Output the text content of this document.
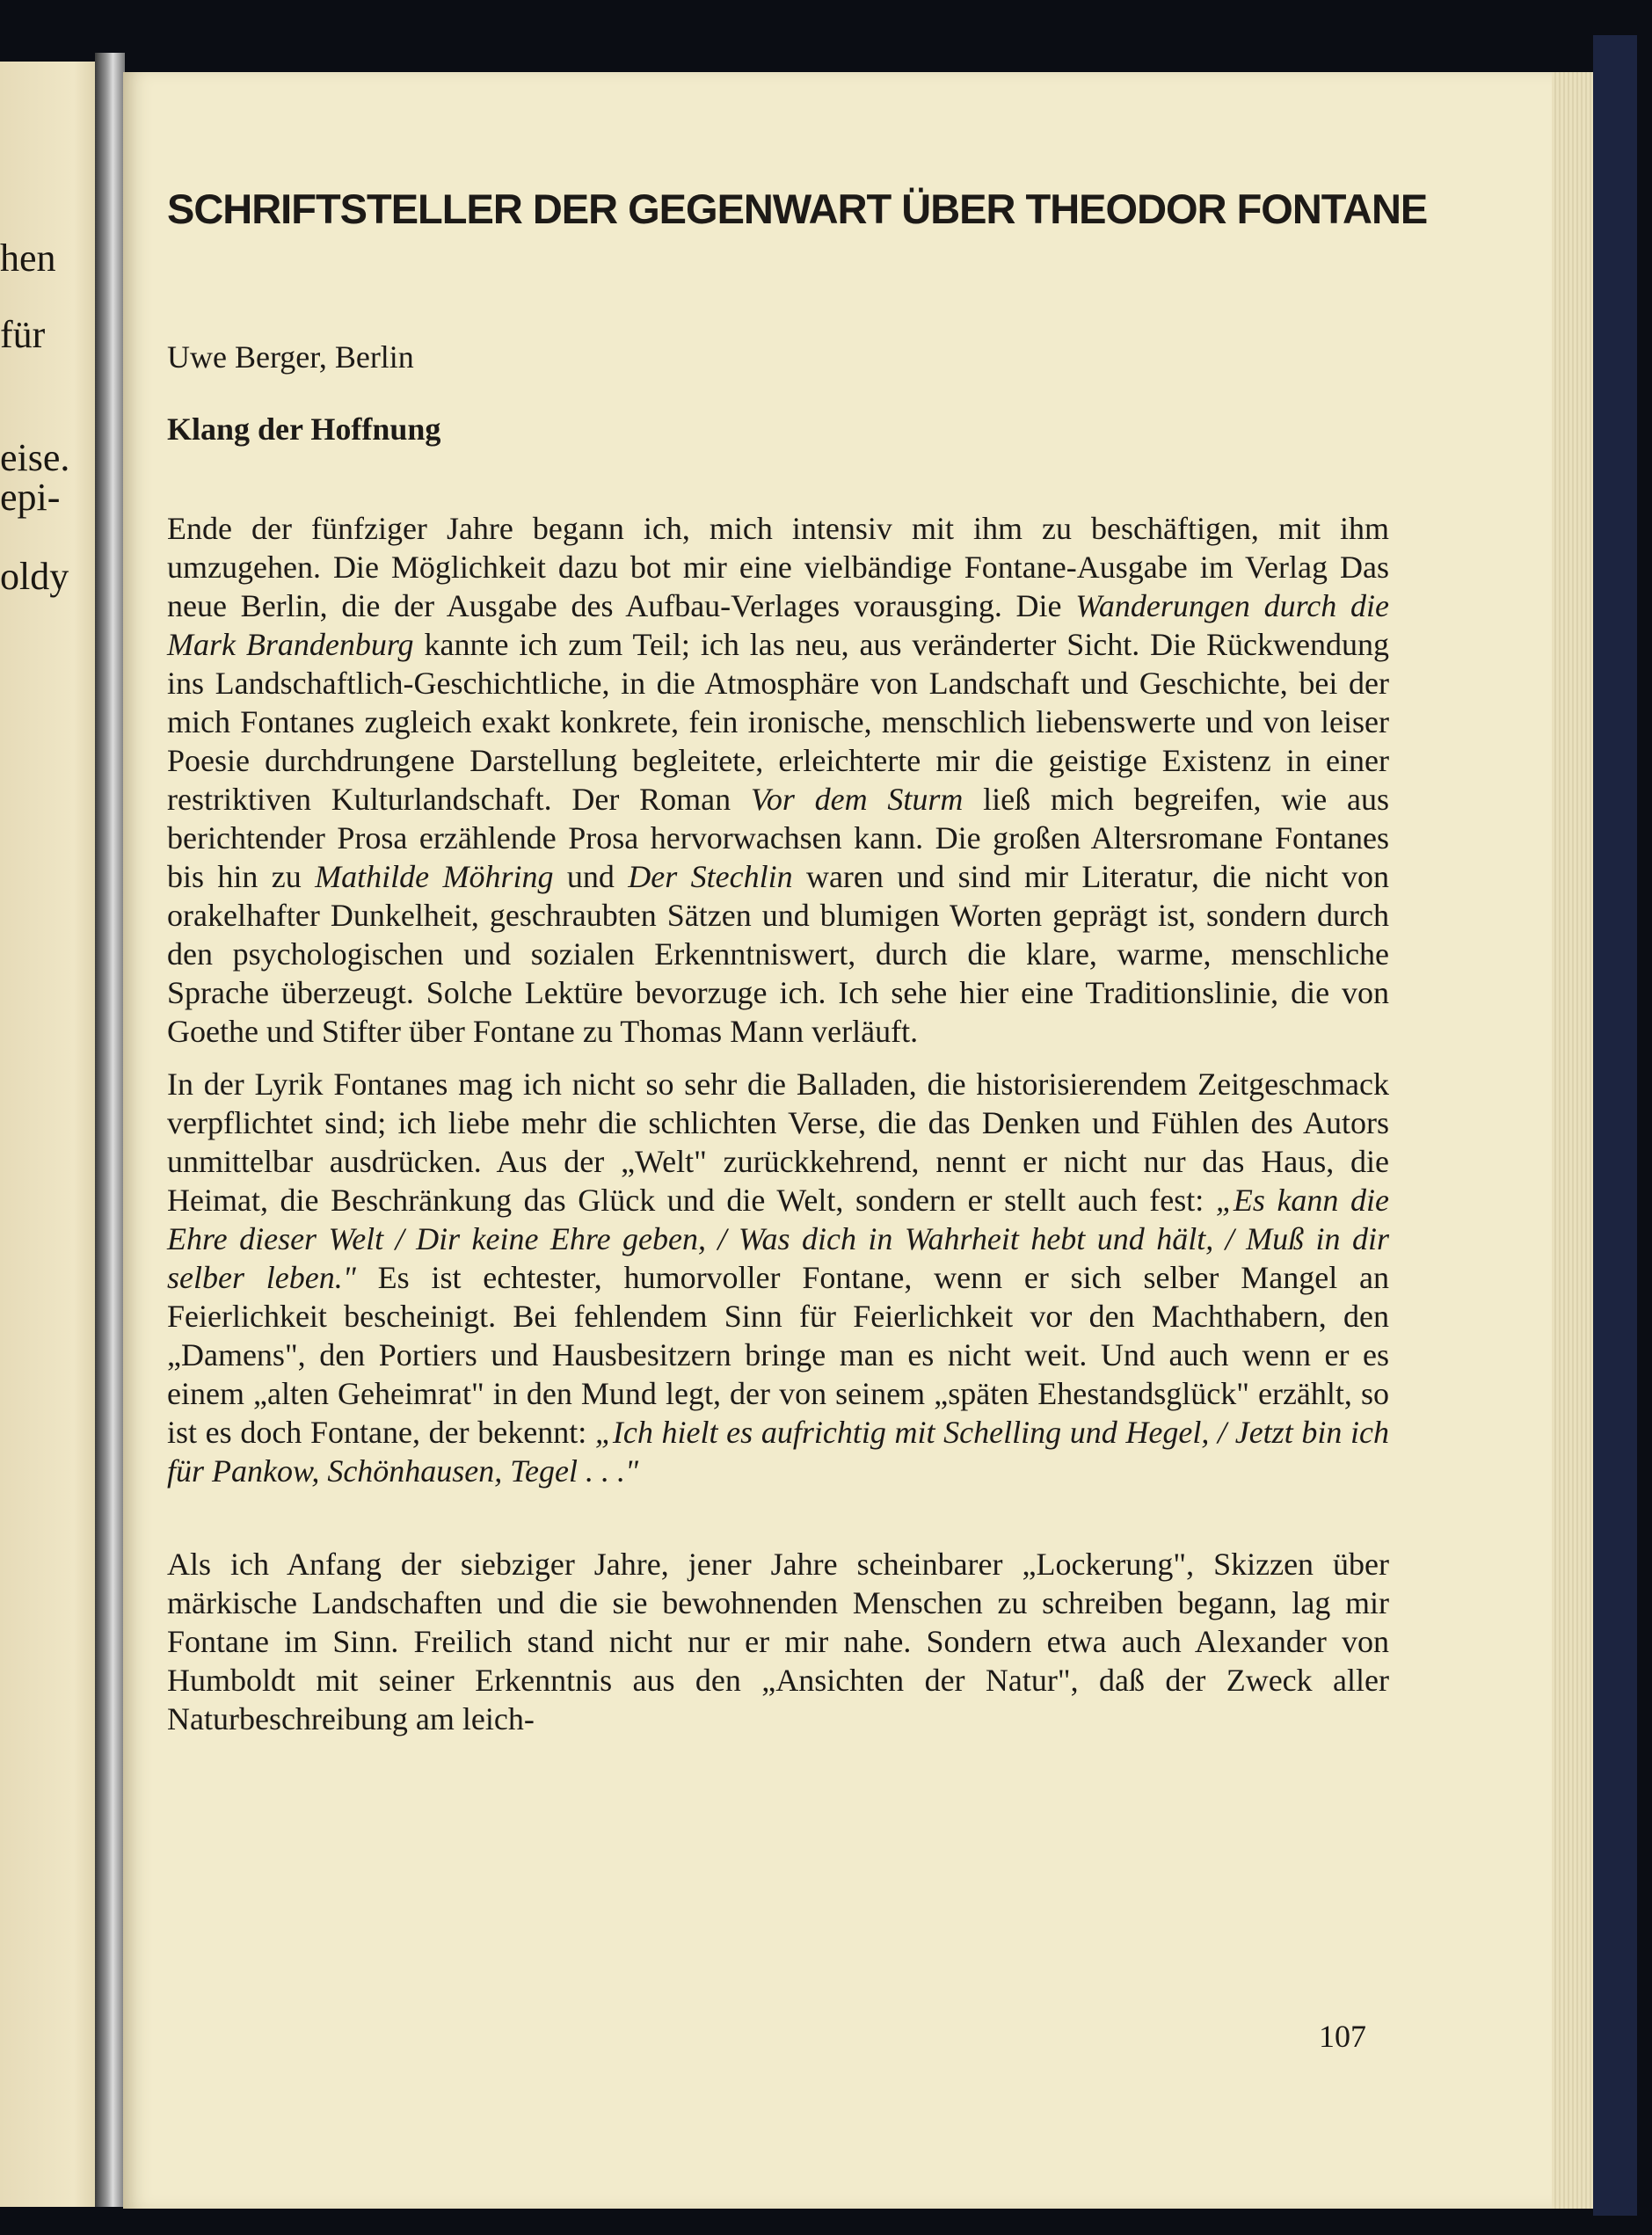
hen
für
eise.
epi-
oldy
SCHRIFTSTELLER DER GEGENWART ÜBER THEODOR FONTANE
Uwe Berger, Berlin
Klang der Hoffnung

Ende der fünfziger Jahre begann ich, mich intensiv mit ihm zu beschäftigen, mit ihm umzugehen. Die Möglichkeit dazu bot mir eine vielbändige Fontane-Ausgabe im Verlag Das neue Berlin, die der Ausgabe des Aufbau-Verlages vorausging. Die Wanderungen durch die Mark Brandenburg kannte ich zum Teil; ich las neu, aus veränderter Sicht. Die Rückwendung ins Landschaftlich-Geschichtliche, in die Atmosphäre von Landschaft und Geschichte, bei der mich Fontanes zugleich exakt konkrete, fein ironische, menschlich liebenswerte und von leiser Poesie durchdrungene Darstellung begleitete, erleichterte mir die geistige Existenz in einer restriktiven Kulturlandschaft. Der Roman Vor dem Sturm ließ mich begreifen, wie aus berichtender Prosa erzählende Prosa hervorwachsen kann. Die großen Altersromane Fontanes bis hin zu Mathilde Möhring und Der Stechlin waren und sind mir Literatur, die nicht von orakelhafter Dunkelheit, geschraubten Sätzen und blumigen Worten geprägt ist, sondern durch den psychologischen und sozialen Erkenntniswert, durch die klare, warme, menschliche Sprache überzeugt. Solche Lektüre bevorzuge ich. Ich sehe hier eine Traditionslinie, die von Goethe und Stifter über Fontane zu Thomas Mann verläuft.

In der Lyrik Fontanes mag ich nicht so sehr die Balladen, die historisierendem Zeitgeschmack verpflichtet sind; ich liebe mehr die schlichten Verse, die das Denken und Fühlen des Autors unmittelbar ausdrücken. Aus der „Welt" zurückkehrend, nennt er nicht nur das Haus, die Heimat, die Beschränkung das Glück und die Welt, sondern er stellt auch fest: „Es kann die Ehre dieser Welt / Dir keine Ehre geben, / Was dich in Wahrheit hebt und hält, / Muß in dir selber leben." Es ist echtester, humorvoller Fontane, wenn er sich selber Mangel an Feierlichkeit bescheinigt. Bei fehlendem Sinn für Feierlichkeit vor den Machthabern, den „Damens", den Portiers und Hausbesitzern bringe man es nicht weit. Und auch wenn er es einem „alten Geheimrat" in den Mund legt, der von seinem „späten Ehestandsglück" erzählt, so ist es doch Fontane, der bekennt: „Ich hielt es aufrichtig mit Schelling und Hegel, / Jetzt bin ich für Pankow, Schönhausen, Tegel . . ."

Als ich Anfang der siebziger Jahre, jener Jahre scheinbarer „Lockerung", Skizzen über märkische Landschaften und die sie bewohnenden Menschen zu schreiben begann, lag mir Fontane im Sinn. Freilich stand nicht nur er mir nahe. Sondern etwa auch Alexander von Humboldt mit seiner Erkenntnis aus den „Ansichten der Natur", daß der Zweck aller Naturbeschreibung am leich-

107
